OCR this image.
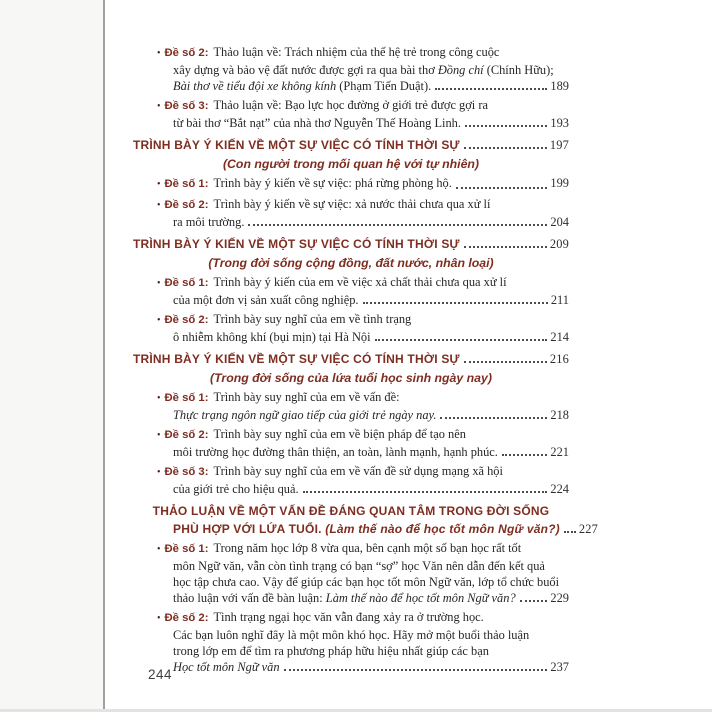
• Đề số 2: Thảo luận về: Trách nhiệm của thế hệ trẻ trong công cuộc
xây dựng và bảo vệ đất nước được gợi ra qua bài thơ Đồng chí (Chính Hữu);
Bài thơ về tiểu đội xe không kính (Phạm Tiến Duật).	189
• Đề số 3: Thảo luận về: Bạo lực học đường ở giới trẻ được gợi ra
từ bài thơ “Bắt nạt” của nhà thơ Nguyễn Thế Hoàng Linh.	193
TRÌNH BÀY Ý KIẾN VỀ MỘT SỰ VIỆC CÓ TÍNH THỜI SỰ	197
(Con người trong mối quan hệ với tự nhiên)
• Đề số 1: Trình bày ý kiến về sự việc: phá rừng phòng hộ.	199
• Đề số 2: Trình bày ý kiến về sự việc: xả nước thải chưa qua xử lí
ra môi trường.	204
TRÌNH BÀY Ý KIẾN VỀ MỘT SỰ VIỆC CÓ TÍNH THỜI SỰ	209
(Trong đời sống cộng đồng, đất nước, nhân loại)
• Đề số 1: Trình bày ý kiến của em về việc xả chất thải chưa qua xử lí
của một đơn vị sản xuất công nghiệp.	211
• Đề số 2: Trình bày suy nghĩ của em về tình trạng
ô nhiễm không khí (bụi mịn) tại Hà Nội	214
TRÌNH BÀY Ý KIẾN VỀ MỘT SỰ VIỆC CÓ TÍNH THỜI SỰ	216
(Trong đời sống của lứa tuổi học sinh ngày nay)
• Đề số 1: Trình bày suy nghĩ của em về vấn đề:
Thực trạng ngôn ngữ giao tiếp của giới trẻ ngày nay.	218
• Đề số 2: Trình bày suy nghĩ của em về biện pháp để tạo nên
môi trường học đường thân thiện, an toàn, lành mạnh, hạnh phúc.	221
• Đề số 3: Trình bày suy nghĩ của em về vấn đề sử dụng mạng xã hội
của giới trẻ cho hiệu quả.	224
THẢO LUẬN VỀ MỘT VẤN ĐỀ ĐÁNG QUAN TÂM TRONG ĐỜI SỐNG
PHÙ HỢP VỚI LỨA TUỔI. (Làm thế nào để học tốt môn Ngữ văn?) 227
• Đề số 1: Trong năm học lớp 8 vừa qua, bên cạnh một số bạn học rất tốt
môn Ngữ văn, vẫn còn tình trạng có bạn “sợ” học Văn nên dẫn đến kết quả
học tập chưa cao. Vậy để giúp các bạn học tốt môn Ngữ văn, lớp tổ chức buổi
thảo luận với vấn đề bàn luận: Làm thế nào để học tốt môn Ngữ văn?	229
• Đề số 2: Tình trạng ngại học văn vẫn đang xảy ra ở trường học.
Các bạn luôn nghĩ đây là một môn khó học. Hãy mở một buổi thảo luận
trong lớp em để tìm ra phương pháp hữu hiệu nhất giúp các bạn
Học tốt môn Ngữ văn	237
244
